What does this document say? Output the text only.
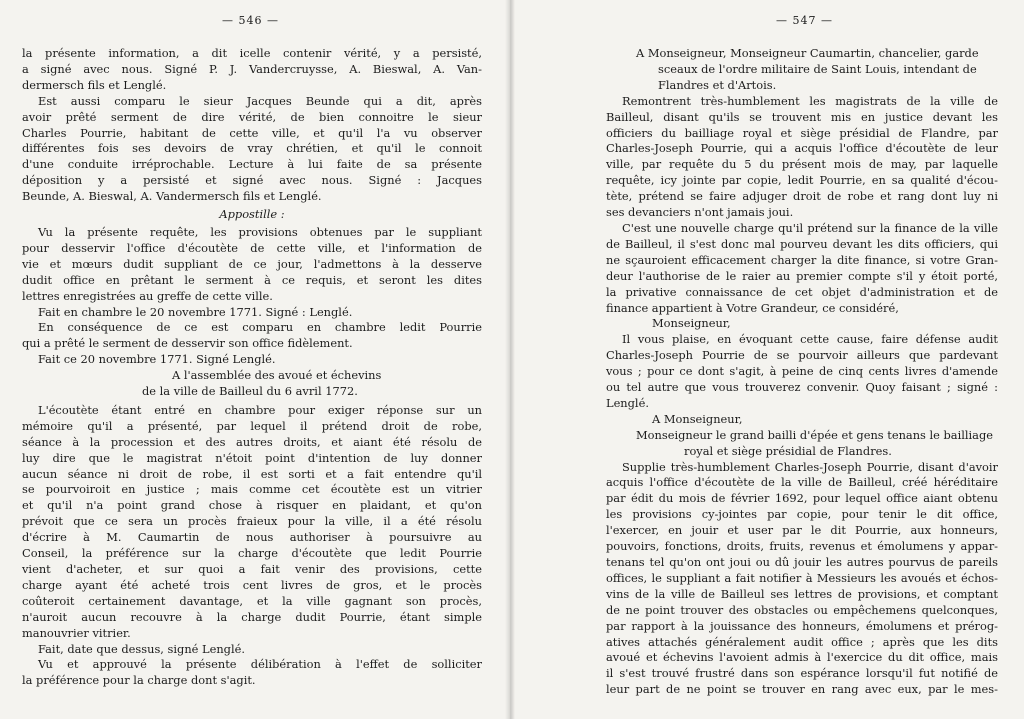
— 546 —

la présente information, a dit icelle contenir vérité, y a persisté,

a signé avec nous. Signé P. J. Vandercruysse, A. Bieswal, A. Van-

dermersch fils et Lenglé.

Est aussi comparu le sieur Jacques Beunde qui a dit, après

avoir prêté serment de dire vérité, de bien connoitre le sieur

Charles Pourrie, habitant de cette ville, et qu'il l'a vu observer

différentes fois ses devoirs de vray chrétien, et qu'il le connoit

d'une conduite irréprochable. Lecture à lui faite de sa présente

déposition y a persisté et signé avec nous. Signé : Jacques

Beunde, A. Bieswal, A. Vandermersch fils et Lenglé.

Appostille :

Vu la présente requête, les provisions obtenues par le suppliant

pour desservir l'office d'écoutète de cette ville, et l'information de

vie et mœurs dudit suppliant de ce jour, l'admettons à la desserve

dudit office en prêtant le serment à ce requis, et seront les dites

lettres enregistrées au greffe de cette ville.

Fait en chambre le 20 novembre 1771. Signé : Lenglé.

En conséquence de ce est comparu en chambre ledit Pourrie

qui a prêté le serment de desservir son office fidèlement.

Fait ce 20 novembre 1771. Signé Lenglé.

A l'assemblée des avoué et échevins

de la ville de Bailleul du 6 avril 1772.

L'écoutète étant entré en chambre pour exiger réponse sur un

mémoire qu'il a présenté, par lequel il prétend droit de robe,

séance à la procession et des autres droits, et aiant été résolu de

luy dire que le magistrat n'étoit point d'intention de luy donner

aucun séance ni droit de robe, il est sorti et a fait entendre qu'il

se pourvoiroit en justice ; mais comme cet écoutète est un vitrier

et qu'il n'a point grand chose à risquer en plaidant, et qu'on

prévoit que ce sera un procès fraieux pour la ville, il a été résolu

d'écrire à M. Caumartin de nous authoriser à poursuivre au

Conseil, la préférence sur la charge d'écoutète que ledit Pourrie

vient d'acheter, et sur quoi a fait venir des provisions, cette

charge ayant été acheté trois cent livres de gros, et le procès

coûteroit certainement davantage, et la ville gagnant son procès,

n'auroit aucun recouvre à la charge dudit Pourrie, étant simple

manouvrier vitrier.

Fait, date que dessus, signé Lenglé.

Vu et approuvé la présente délibération à l'effet de solliciter

la préférence pour la charge dont s'agit.

— 547 —

A Monseigneur, Monseigneur Caumartin, chancelier, garde

sceaux de l'ordre militaire de Saint Louis, intendant de

Flandres et d'Artois.

Remontrent très-humblement les magistrats de la ville de

Bailleul, disant qu'ils se trouvent mis en justice devant les

officiers du bailliage royal et siège présidial de Flandre, par

Charles-Joseph Pourrie, qui a acquis l'office d'écoutète de leur

ville, par requête du 5 du présent mois de may, par laquelle

requête, icy jointe par copie, ledit Pourrie, en sa qualité d'écou-

tète, prétend se faire adjuger droit de robe et rang dont luy ni

ses devanciers n'ont jamais joui.

C'est une nouvelle charge qu'il prétend sur la finance de la ville

de Bailleul, il s'est donc mal pourveu devant les dits officiers, qui

ne sçauroient efficacement charger la dite finance, si votre Gran-

deur l'authorise de le raier au premier compte s'il y étoit porté,

la privative connaissance de cet objet d'administration et de

finance appartient à Votre Grandeur, ce considéré,

Monseigneur,

Il vous plaise, en évoquant cette cause, faire défense audit

Charles-Joseph Pourrie de se pourvoir ailleurs que pardevant

vous ; pour ce dont s'agit, à peine de cinq cents livres d'amende

ou tel autre que vous trouverez convenir. Quoy faisant ; signé :

Lenglé.

A Monseigneur,

Monseigneur le grand bailli d'épée et gens tenans le bailliage

royal et siège présidial de Flandres.

Supplie très-humblement Charles-Joseph Pourrie, disant d'avoir

acquis l'office d'écoutète de la ville de Bailleul, créé héréditaire

par édit du mois de février 1692, pour lequel office aiant obtenu

les provisions cy-jointes par copie, pour tenir le dit office,

l'exercer, en jouir et user par le dit Pourrie, aux honneurs,

pouvoirs, fonctions, droits, fruits, revenus et émolumens y appar-

tenans tel qu'on ont joui ou dû jouir les autres pourvus de pareils

offices, le suppliant a fait notifier à Messieurs les avoués et échos-

vins de la ville de Bailleul ses lettres de provisions, et comptant

de ne point trouver des obstacles ou empêchemens quelconques,

par rapport à la jouissance des honneurs, émolumens et prérog-

atives attachés généralement audit office ; après que les dits

avoué et échevins l'avoient admis à l'exercice du dit office, mais

il s'est trouvé frustré dans son espérance lorsqu'il fut notifié de

leur part de ne point se trouver en rang avec eux, par le mes-
